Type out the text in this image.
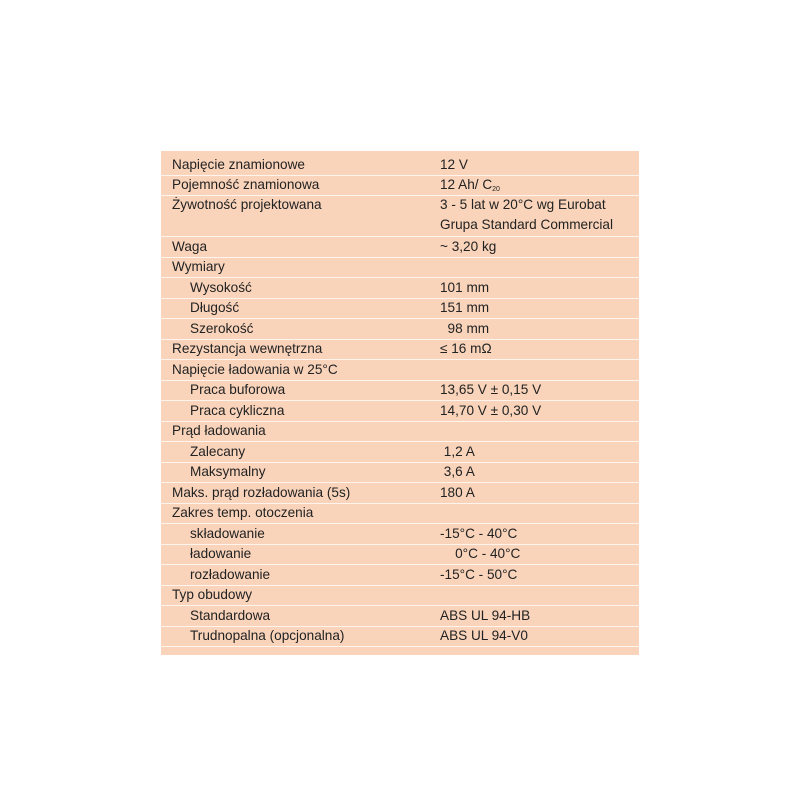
Napięcie znamionowe	12 V
Pojemność znamionowa	12 Ah/ $C_{20}$
Żywotność projektowana	3 - 5 lat w 20°C wg Eurobat
Grupa Standard Commercial
Waga	~ 3,20 kg
Wymiary
Wysokość	101 mm
Długość	151 mm
Szerokość	98 mm
Rezystancja wewnętrzna	≤ 16 mΩ
Napięcie ładowania w 25°C
Praca buforowa	13,65 V ± 0,15 V
Praca cykliczna	14,70 V ± 0,30 V
Prąd ładowania
Zalecany	1,2 A
Maksymalny	3,6 A
Maks. prąd rozładowania (5s)	180 A
Zakres temp. otoczenia
składowanie	-15°C - 40°C
ładowanie	0°C - 40°C
rozładowanie	-15°C - 50°C
Typ obudowy
Standardowa	ABS UL 94-HB
Trudnopalna (opcjonalna)	ABS UL 94-V0
